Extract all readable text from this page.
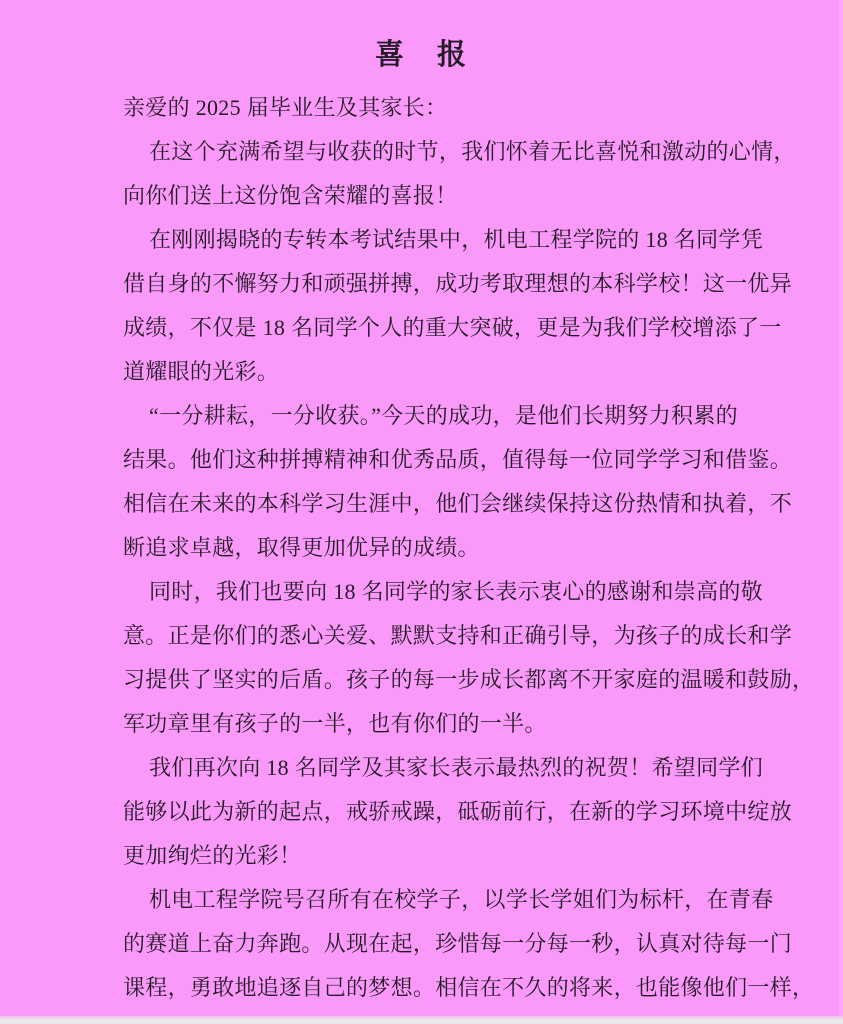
喜　报
亲爱的 2025 届毕业生及其家长：
在这个充满希望与收获的时节，我们怀着无比喜悦和激动的心情，
向你们送上这份饱含荣耀的喜报！
在刚刚揭晓的专转本考试结果中，机电工程学院的 18 名同学凭
借自身的不懈努力和顽强拼搏，成功考取理想的本科学校！这一优异
成绩，不仅是 18 名同学个人的重大突破，更是为我们学校增添了一
道耀眼的光彩。
“一分耕耘，一分收获。”今天的成功，是他们长期努力积累的
结果。他们这种拼搏精神和优秀品质，值得每一位同学学习和借鉴。
相信在未来的本科学习生涯中，他们会继续保持这份热情和执着，不
断追求卓越，取得更加优异的成绩。
同时，我们也要向 18 名同学的家长表示衷心的感谢和崇高的敬
意。正是你们的悉心关爱、默默支持和正确引导，为孩子的成长和学
习提供了坚实的后盾。孩子的每一步成长都离不开家庭的温暖和鼓励，
军功章里有孩子的一半，也有你们的一半。
我们再次向 18 名同学及其家长表示最热烈的祝贺！希望同学们
能够以此为新的起点，戒骄戒躁，砥砺前行，在新的学习环境中绽放
更加绚烂的光彩！
机电工程学院号召所有在校学子，以学长学姐们为标杆，在青春
的赛道上奋力奔跑。从现在起，珍惜每一分每一秒，认真对待每一门
课程，勇敢地追逐自己的梦想。相信在不久的将来，也能像他们一样，
